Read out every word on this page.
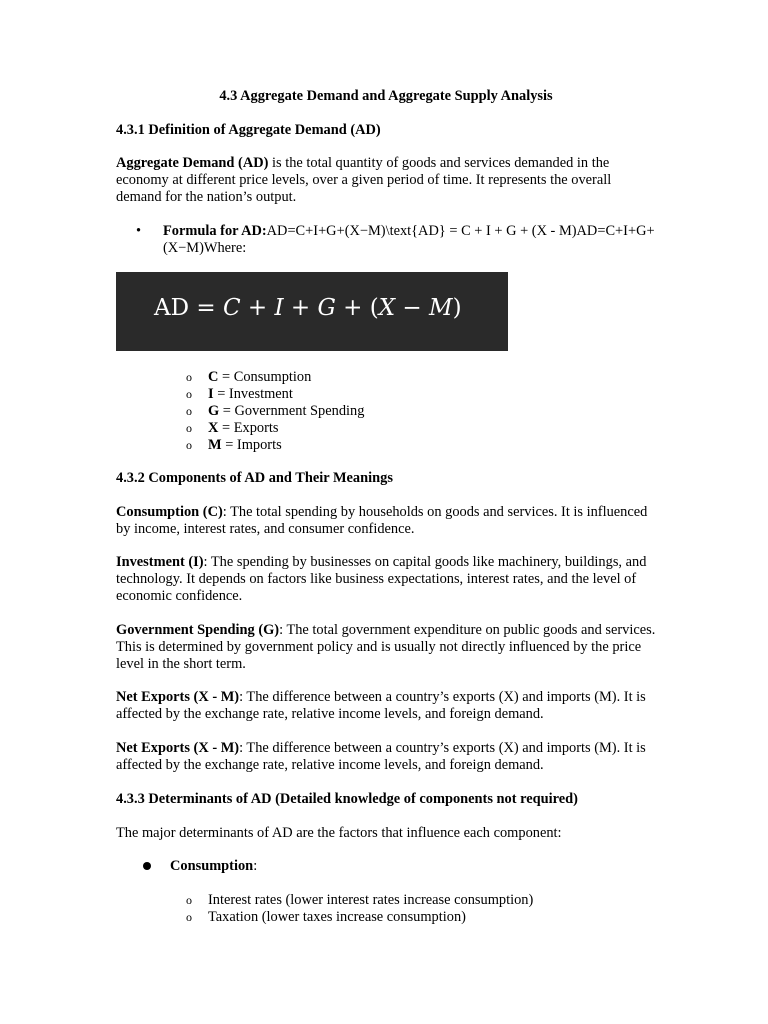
4.3 Aggregate Demand and Aggregate Supply Analysis

4.3.1 Definition of Aggregate Demand (AD)

Aggregate Demand (AD) is the total quantity of goods and services demanded in the economy at different price levels, over a given period of time. It represents the overall demand for the nation’s output.

• Formula for AD:AD=C+I+G+(X−M)\text{AD} = C + I + G + (X - M)AD=C+I+G+(X−M)Where:

AD = C + I + G + (X − M)
o C = Consumption
o I = Investment
o G = Government Spending
o X = Exports
o M = Imports

4.3.2 Components of AD and Their Meanings

Consumption (C): The total spending by households on goods and services. It is influenced by income, interest rates, and consumer confidence.

Investment (I): The spending by businesses on capital goods like machinery, buildings, and technology. It depends on factors like business expectations, interest rates, and the level of economic confidence.

Government Spending (G): The total government expenditure on public goods and services. This is determined by government policy and is usually not directly influenced by the price level in the short term.

Net Exports (X - M): The difference between a country’s exports (X) and imports (M). It is affected by the exchange rate, relative income levels, and foreign demand.

Net Exports (X - M): The difference between a country’s exports (X) and imports (M). It is affected by the exchange rate, relative income levels, and foreign demand.

4.3.3 Determinants of AD (Detailed knowledge of components not required)

The major determinants of AD are the factors that influence each component:

Consumption:
o Interest rates (lower interest rates increase consumption)
o Taxation (lower taxes increase consumption)
